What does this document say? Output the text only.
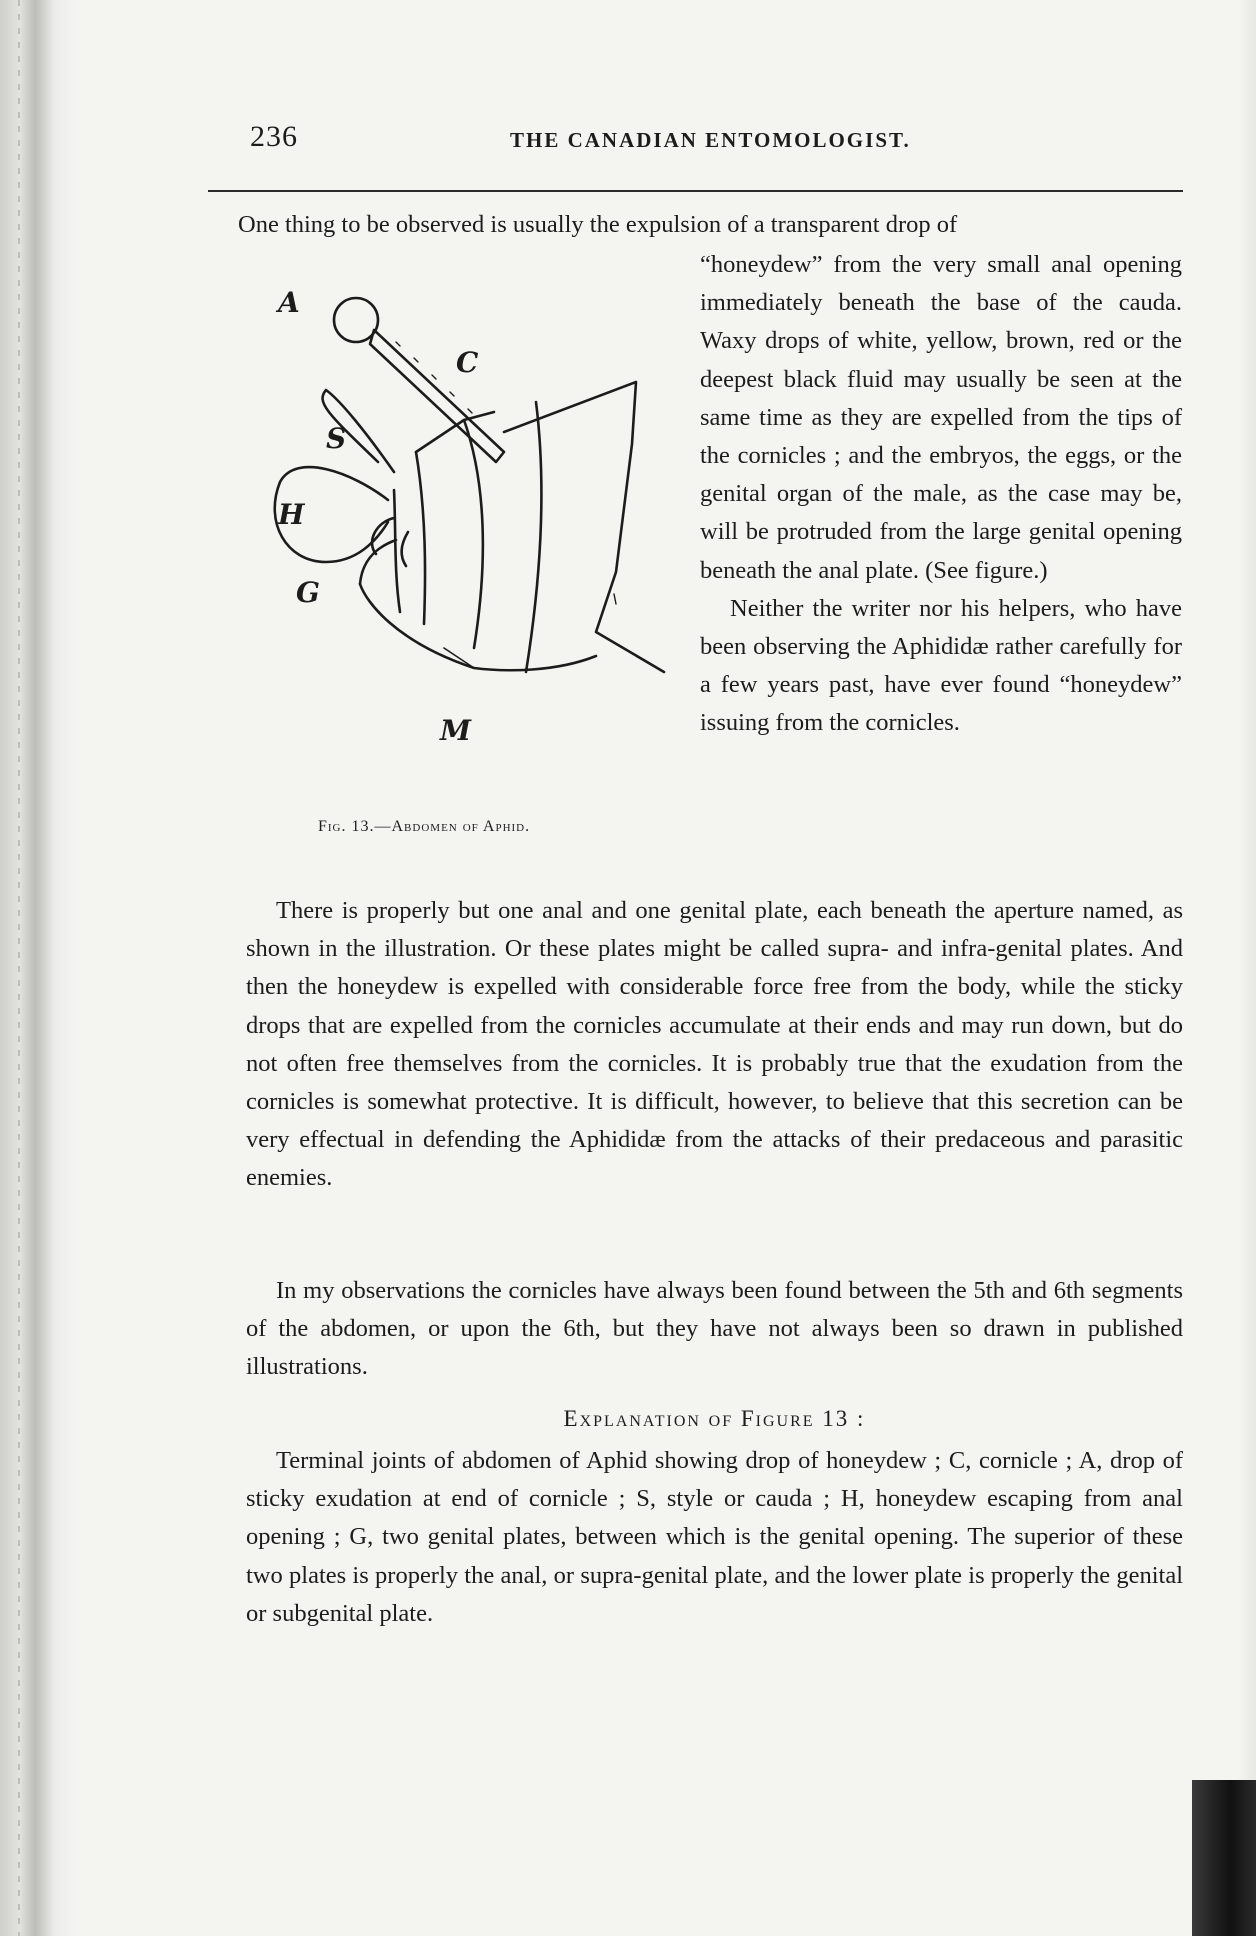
236	THE CANADIAN ENTOMOLOGIST.
One thing to be observed is usually the expulsion of a transparent drop of
A
C
S
H
G
M
Fig. 13.—Abdomen of Aphid.

“honeydew” from the very small anal opening immediately beneath the base of the cauda. Waxy drops of white, yellow, brown, red or the deepest black fluid may usually be seen at the same time as they are expelled from the tips of the cornicles ; and the embryos, the eggs, or the genital organ of the male, as the case may be, will be protruded from the large genital opening beneath the anal plate. (See figure.)

Neither the writer nor his helpers, who have been observing the Aphididæ rather carefully for a few years past, have ever found “honeydew” issuing from the cornicles.

There is properly but one anal and one genital plate, each beneath the aperture named, as shown in the illustration. Or these plates might be called supra- and infra-genital plates. And then the honeydew is expelled with considerable force free from the body, while the sticky drops that are expelled from the cornicles accumulate at their ends and may run down, but do not often free themselves from the cornicles. It is probably true that the exudation from the cornicles is somewhat protective. It is difficult, however, to believe that this secretion can be very effectual in defending the Aphididæ from the attacks of their predaceous and parasitic enemies.

In my observations the cornicles have always been found between the 5th and 6th segments of the abdomen, or upon the 6th, but they have not always been so drawn in published illustrations.

Explanation of Figure 13 :

Terminal joints of abdomen of Aphid showing drop of honeydew ; C, cornicle ; A, drop of sticky exudation at end of cornicle ; S, style or cauda ; H, honeydew escaping from anal opening ; G, two genital plates, between which is the genital opening. The superior of these two plates is properly the anal, or supra-genital plate, and the lower plate is properly the genital or subgenital plate.
